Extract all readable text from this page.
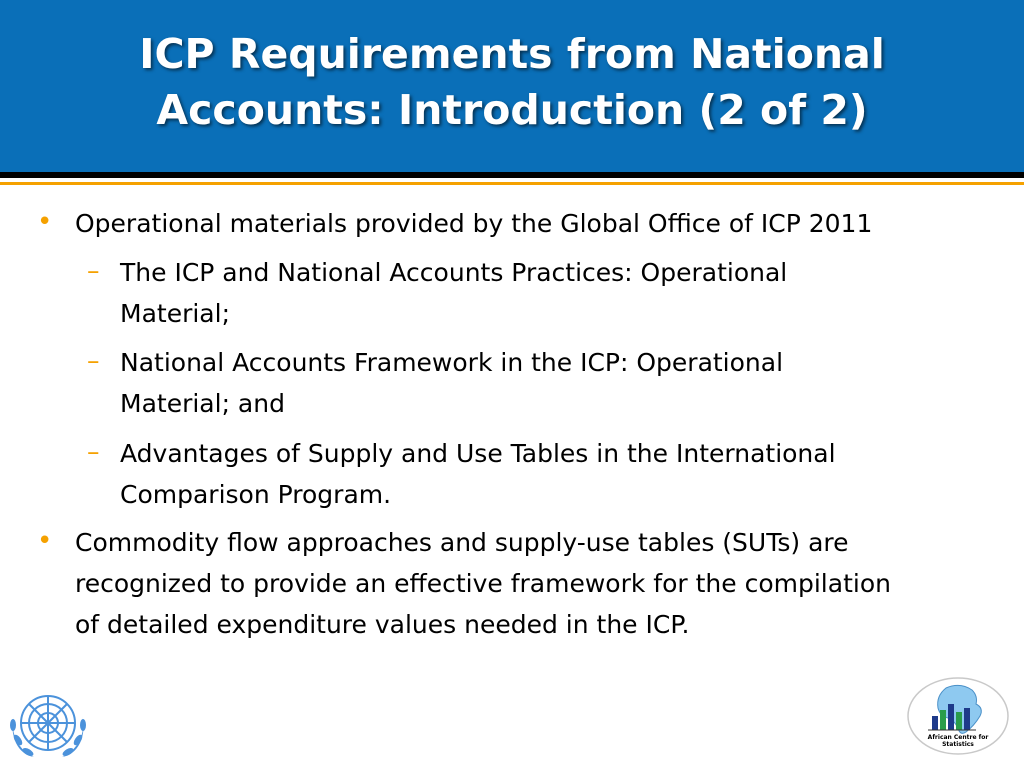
ICP Requirements from National
Accounts: Introduction (2 of 2)
• Operational materials provided by the Global Office of ICP 2011
– The ICP and National Accounts Practices: Operational
Material;
– National Accounts Framework in the ICP: Operational
Material; and
– Advantages of Supply and Use Tables in the International
Comparison Program.
• Commodity flow approaches and supply-use tables (SUTs) are
recognized to provide an effective framework for the compilation
of detailed expenditure values needed in the ICP.
African Centre for
Statistics
